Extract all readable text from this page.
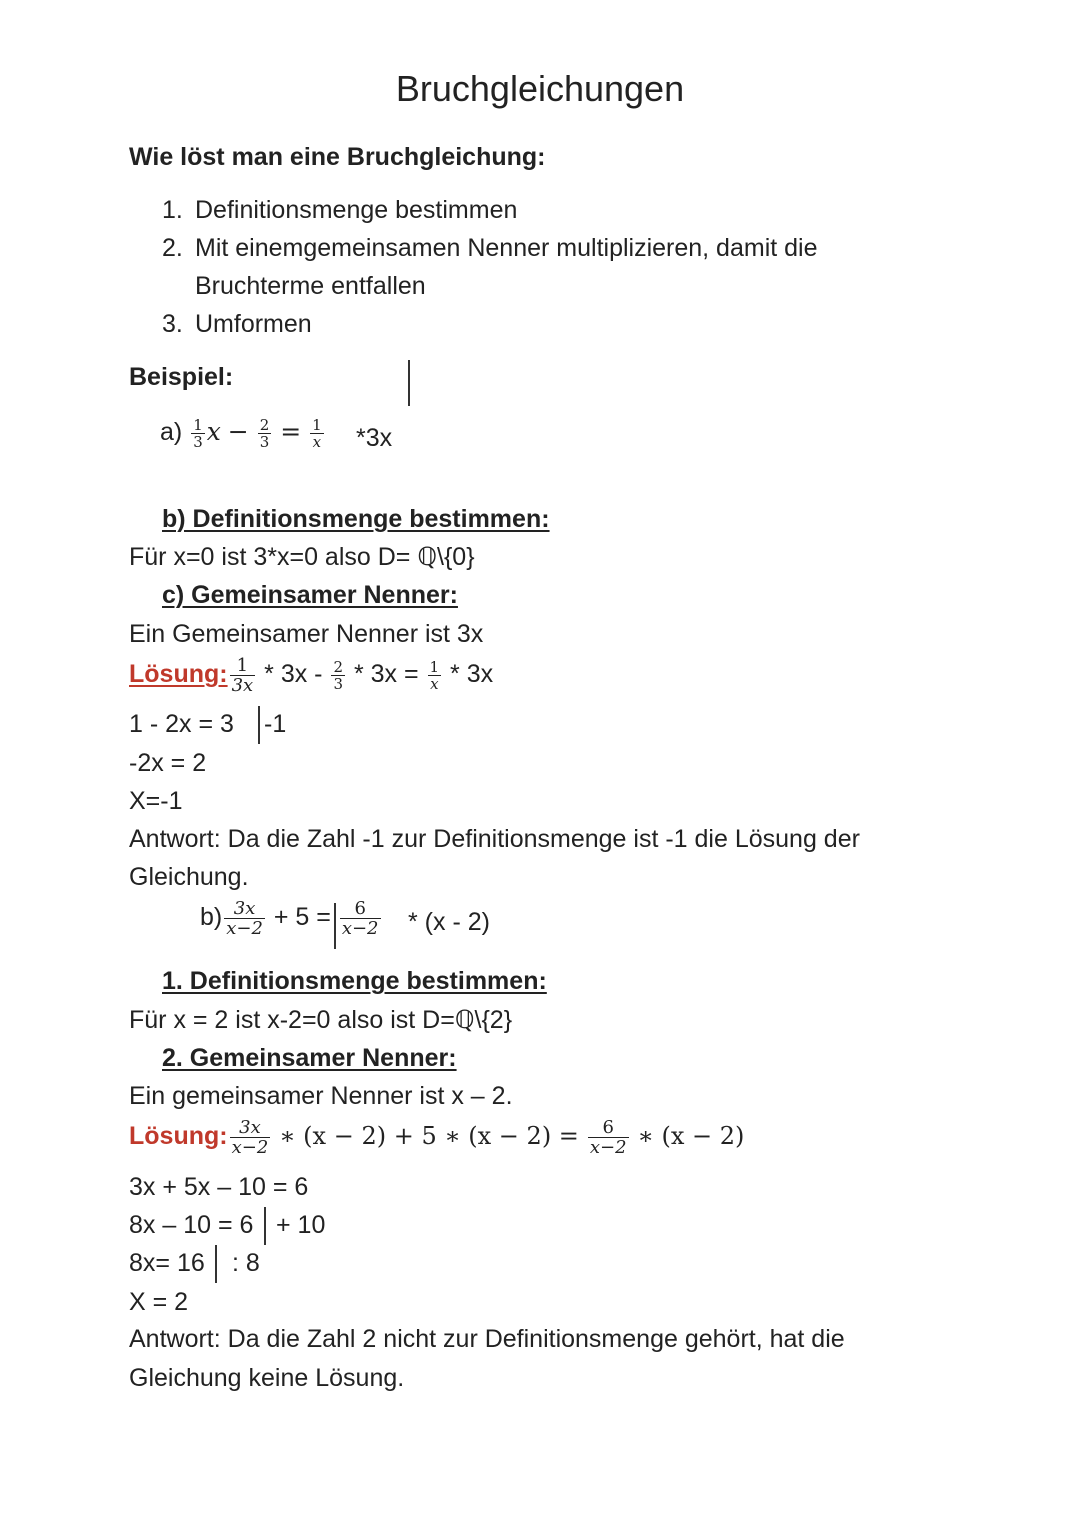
Bruchgleichungen
Wie löst man eine Bruchgleichung:
1. Definitionsmenge bestimmen
2. Mit einemgemeinsamen Nenner multiplizieren, damit die
Bruchterme entfallen
3. Umformen
Beispiel:
$a) \frac{1}{3}$ $x - \frac{2}{3} = \frac{1}{x} *3x$
b) Definitionsmenge bestimmen:
Für x=0 ist 3*x=0 also D= ℚ\{0}
c) Gemeinsamer Nenner:
Ein Gemeinsamer Nenner ist 3x
Lösung: $\frac{1}{3x} * 3x - \frac{2}{3} * 3x = \frac{1}{x} * 3x$
1 - 2x = 3 -1
-2x = 2
X=-1
Antwort: Da die Zahl -1 zur Definitionsmenge ist -1 die Lösung der
Gleichung.
$b) \frac{3x}{x-2} + 5 = \frac{6}{x-2} * (x - 2)$
1. Definitionsmenge bestimmen:
Für x = 2 ist x-2=0 also ist D=ℚ\{2}
2. Gemeinsamer Nenner:
Ein gemeinsamer Nenner ist x – 2.
Lösung: $\frac{3x}{x-2}$ ∗ (x − 2) + 5 ∗ $(x - 2) = \frac{6}{x-2}$ ∗ (x − 2)
3x + 5x – 10 = 6
8x – 10 = 6 + 10
8x= 16 : 8
X = 2
Antwort: Da die Zahl 2 nicht zur Definitionsmenge gehört, hat die
Gleichung keine Lösung.
